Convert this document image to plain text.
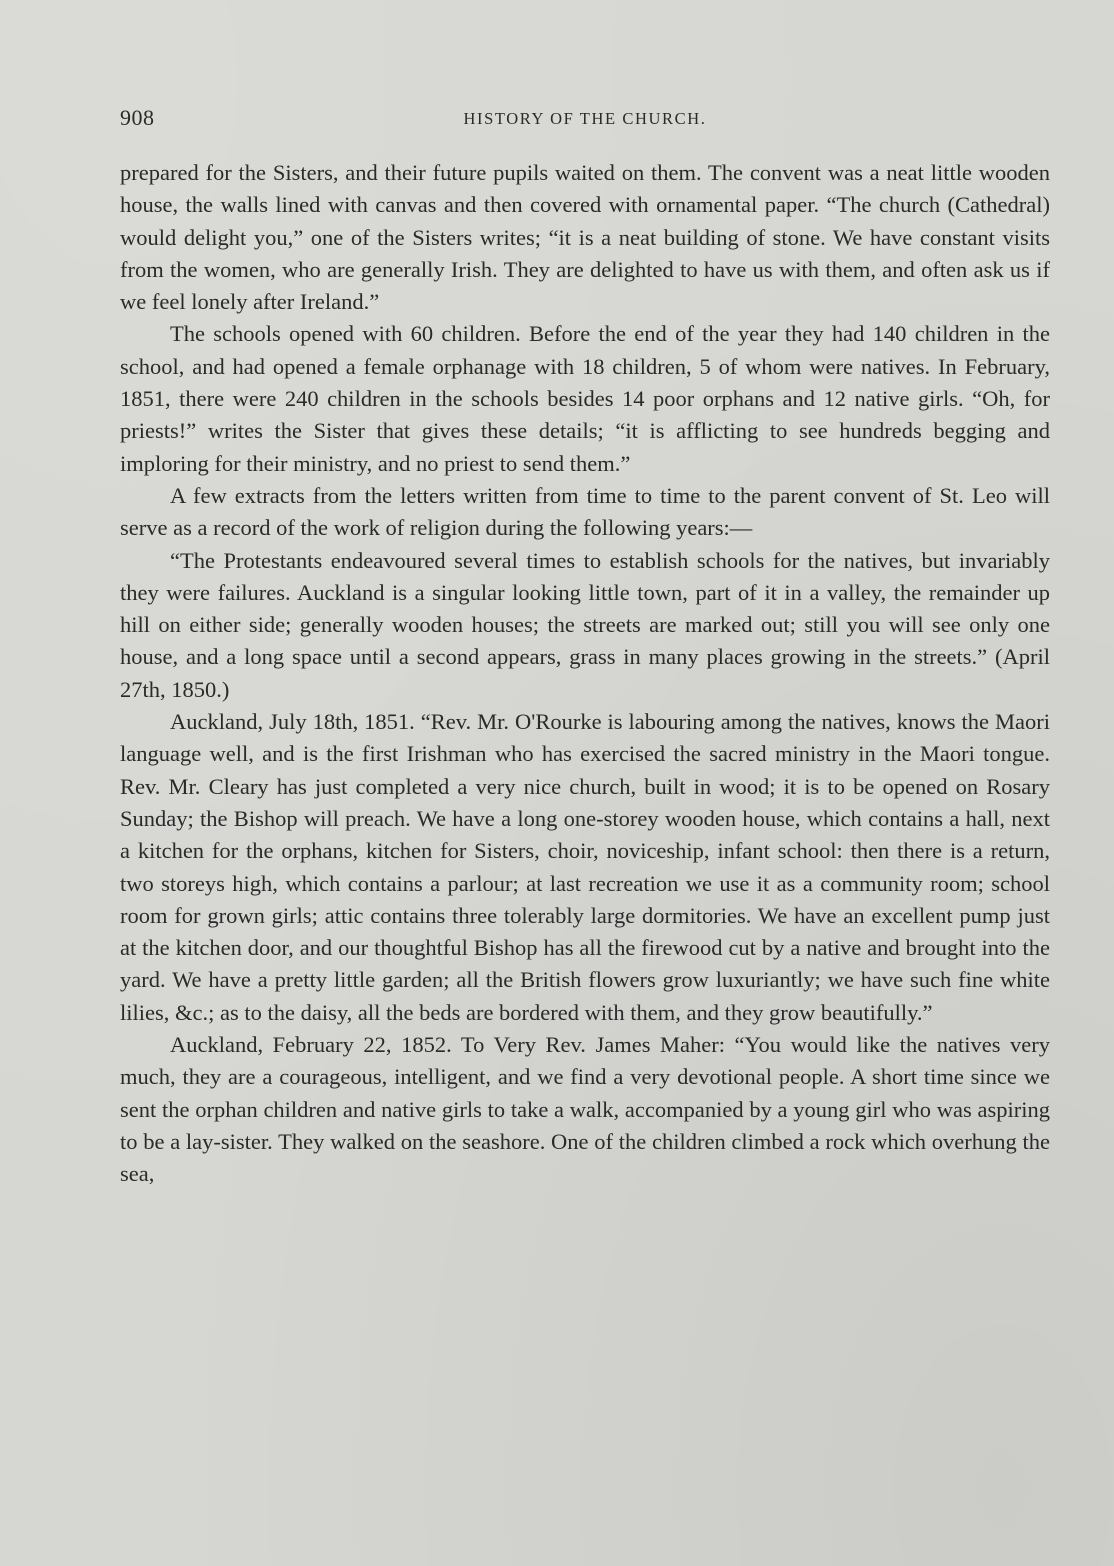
908	HISTORY OF THE CHURCH.

prepared for the Sisters, and their future pupils waited on them. The convent was a neat little wooden house, the walls lined with canvas and then covered with ornamental paper. “The church (Cathedral) would delight you,” one of the Sisters writes; “it is a neat building of stone. We have constant visits from the women, who are generally Irish. They are delighted to have us with them, and often ask us if we feel lonely after Ireland.”

The schools opened with 60 children. Before the end of the year they had 140 children in the school, and had opened a female orphanage with 18 children, 5 of whom were natives. In February, 1851, there were 240 children in the schools besides 14 poor orphans and 12 native girls. “Oh, for priests!” writes the Sister that gives these details; “it is afflicting to see hundreds begging and imploring for their ministry, and no priest to send them.”

A few extracts from the letters written from time to time to the parent convent of St. Leo will serve as a record of the work of religion during the following years:—

“The Protestants endeavoured several times to establish schools for the natives, but invariably they were failures. Auckland is a singular looking little town, part of it in a valley, the remainder up hill on either side; generally wooden houses; the streets are marked out; still you will see only one house, and a long space until a second appears, grass in many places growing in the streets.” (April 27th, 1850.)

Auckland, July 18th, 1851. “Rev. Mr. O'Rourke is labouring among the natives, knows the Maori language well, and is the first Irishman who has exercised the sacred ministry in the Maori tongue. Rev. Mr. Cleary has just completed a very nice church, built in wood; it is to be opened on Rosary Sunday; the Bishop will preach. We have a long one-storey wooden house, which contains a hall, next a kitchen for the orphans, kitchen for Sisters, choir, noviceship, infant school: then there is a return, two storeys high, which contains a parlour; at last recreation we use it as a community room; school room for grown girls; attic contains three tolerably large dormitories. We have an excellent pump just at the kitchen door, and our thoughtful Bishop has all the firewood cut by a native and brought into the yard. We have a pretty little garden; all the British flowers grow luxuriantly; we have such fine white lilies, &c.; as to the daisy, all the beds are bordered with them, and they grow beautifully.”

Auckland, February 22, 1852. To Very Rev. James Maher: “You would like the natives very much, they are a courageous, intelligent, and we find a very devotional people. A short time since we sent the orphan children and native girls to take a walk, accompanied by a young girl who was aspiring to be a lay-sister. They walked on the seashore. One of the children climbed a rock which overhung the sea,
